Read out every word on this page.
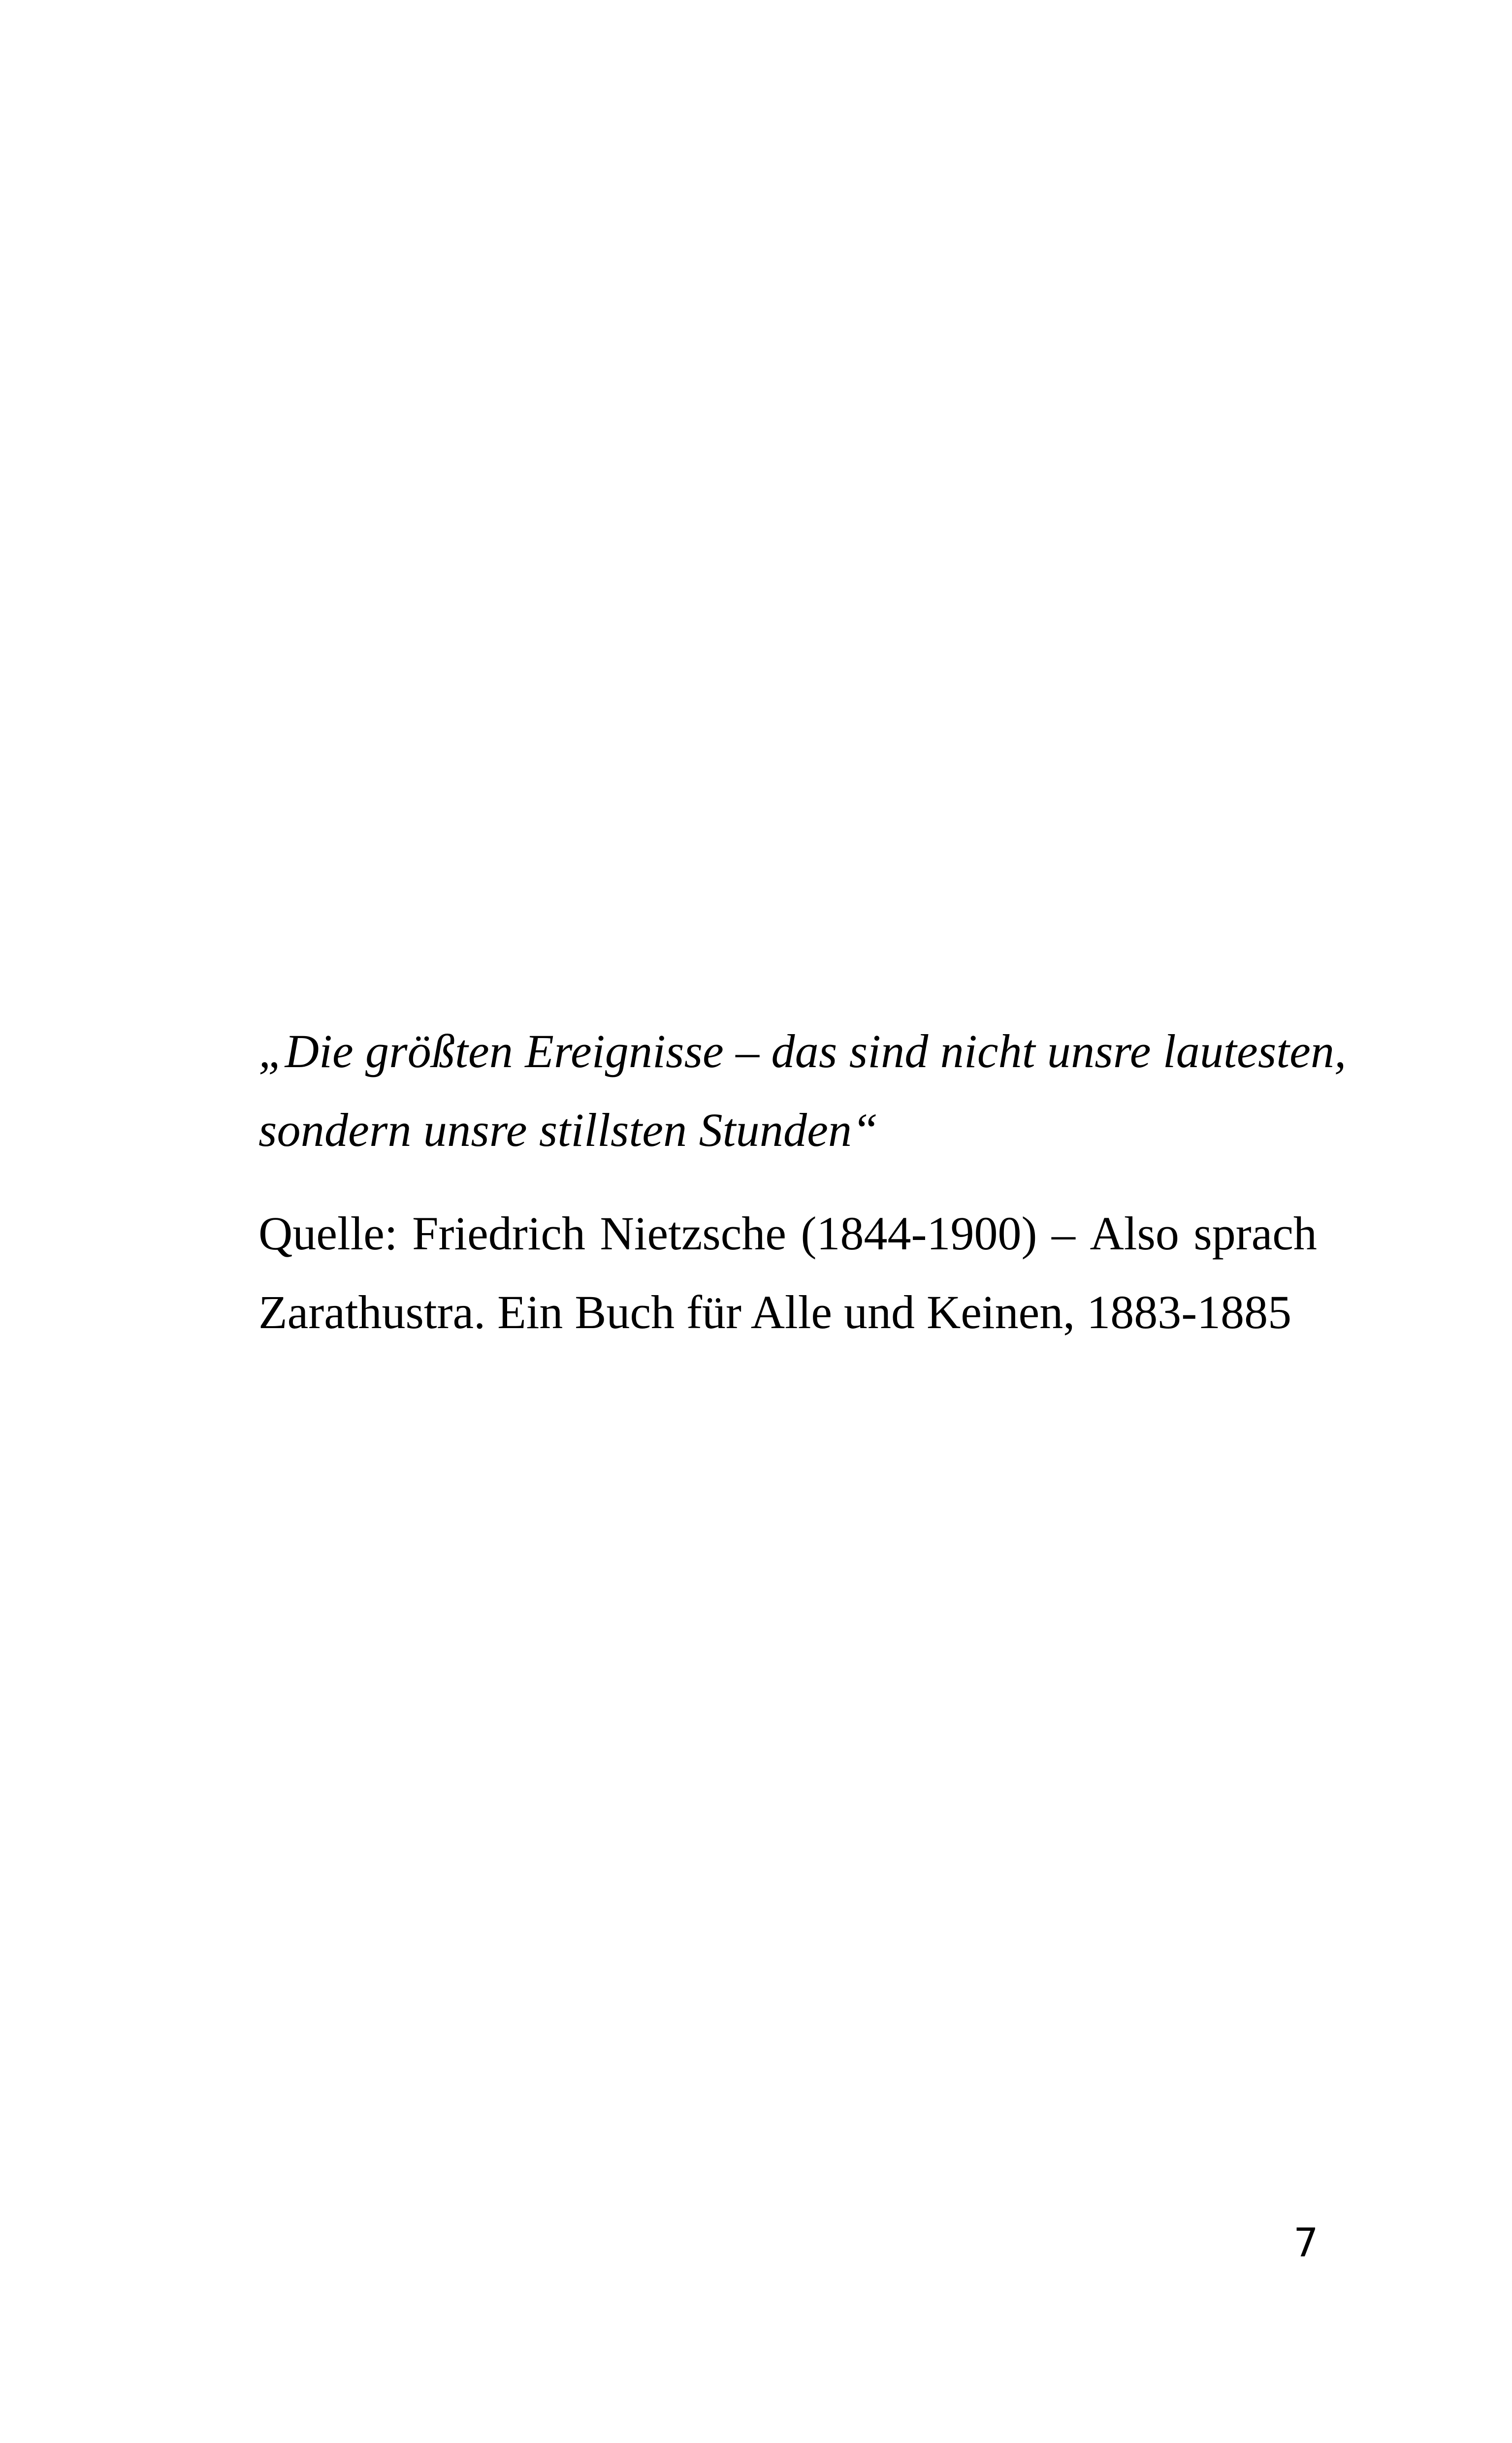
„Die größten Ereignisse – das sind nicht unsre lautesten,
sondern unsre stillsten Stunden“
Quelle: Friedrich Nietzsche (1844-1900) – Also sprach
Zarathustra. Ein Buch für Alle und Keinen, 1883-1885
7
